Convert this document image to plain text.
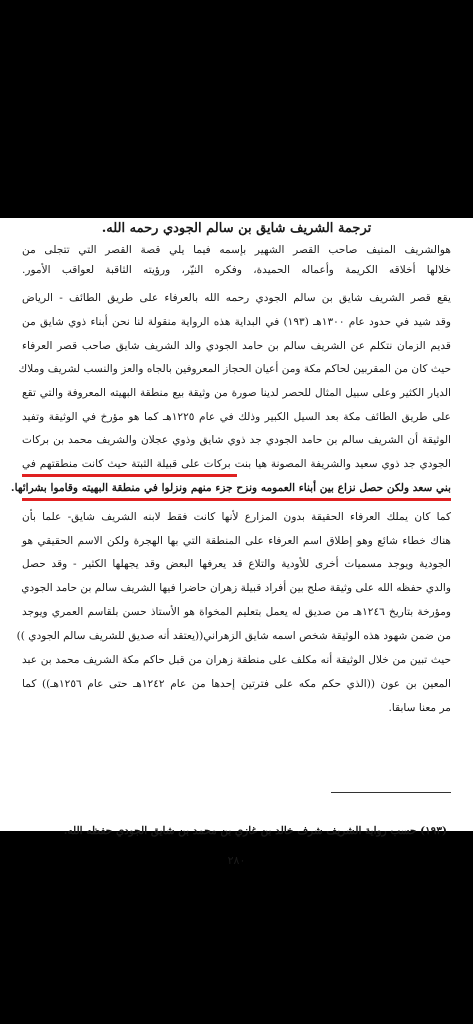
ترجمة الشريف شايق بن سالم الجودي رحمه الله.
هوالشريف المنيف صاحب القصر الشهير بإسمه فيما يلي قصة القصر التي تتجلى من
خلالها أخلاقه الكريمة وأعماله الحميدة، وفكره النيّر، ورؤيته الثاقبة لعواقب الأمور.
يقع قصر الشريف شايق بن سالم الجودي رحمه الله بالعرفاء على طريق الطائف - الرياض
وقد شيد في حدود عام ١٣٠٠هـ (١٩٣) في البداية هذه الرواية منقولة لنا نحن أبناء ذوي شايق من
قديم الزمان نتكلم عن الشريف سالم بن حامد الجودي والد الشريف شايق صاحب قصر العرفاء
حيث كان من المقربين لحاكم مكة ومن أعيان الحجاز المعروفين بالجاه والعز والنسب لشريف وملاك
الديار الكثير وعلى سبيل المثال للحصر لدينا صورة من وثيقة بيع منطقة البهيته المعروفة والتي تقع
على طريق الطائف مكة بعد السيل الكبير وذلك في عام ١٢٢٥هـ كما هو مؤرخ في الوثيقة وتفيد
الوثيقة أن الشريف سالم بن حامد الجودي جد ذوي شايق وذوي عجلان والشريف محمد بن بركات
الجودي جد ذوي سعيد والشريفة المصونة هيا بنت بركات على قبيلة الثبتة حيث كانت منطقتهم في
بني سعد ولكن حصل نزاع بين أبناء العمومه ونزح جزء منهم ونزلوا في منطقة البهيته وقاموا بشرائها.
كما كان يملك العرفاء الحقيقة بدون المزارع لأنها كانت فقط لابنه الشريف شايق- علما بأن
هناك خطاء شائع وهو إطلاق اسم العرفاء على المنطقة التي بها الهجرة ولكن الاسم الحقيقي هو
الجودية ويوجد مسميات أخرى للأودية والتلاع قد يعرفها البعض وقد يجهلها الكثير - وقد حصل
والدي حفظه الله على وثيقة صلح بين أفراد قبيلة زهران حاضرا فيها الشريف سالم بن حامد الجودي
ومؤرخة بتاريخ ١٢٤٦هـ من صديق له يعمل بتعليم المخواة هو الأستاذ حسن بلقاسم العمري ويوجد
من ضمن شهود هذه الوثيقة شخص اسمه شايق الزهراني((يعتقد أنه صديق للشريف سالم الجودي ))
حيث تبين من خلال الوثيقة أنه مكلف على منطقة زهران من قبل حاكم مكة الشريف محمد بن عبد
المعين بن عون ((الذي حكم مكه على فترتين إحدها من عام ١٢٤٢هـ حتى عام ١٢٥٦هـ)) كما
مر معنا سابقا.
(١٩٣) حسب رواية الشريف شرف خالد بن غازي بن محمد بن شايق الجودي حفظه الله.
٢٨٠
